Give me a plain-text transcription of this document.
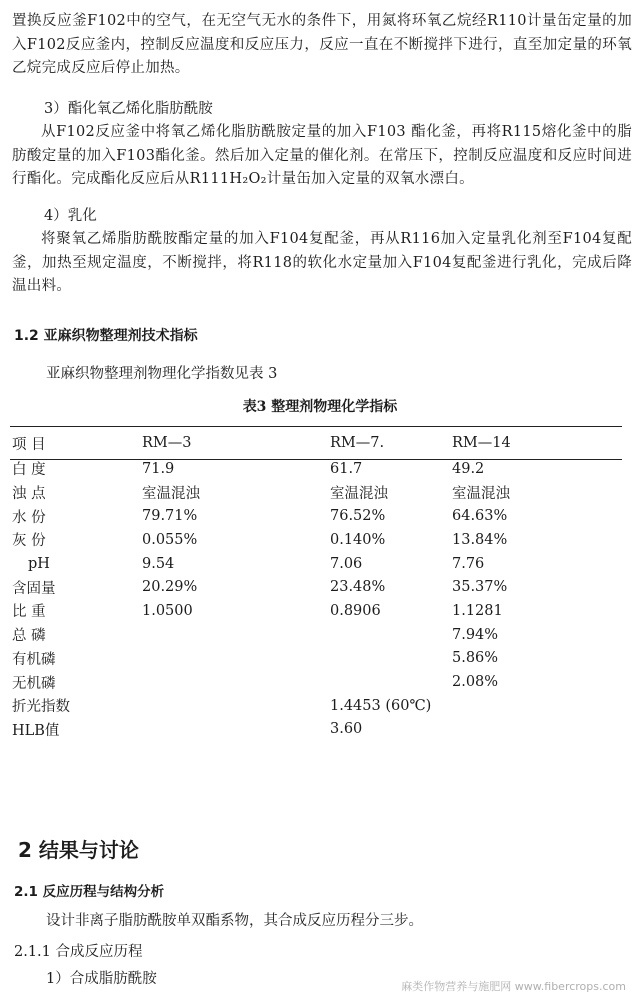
置换反应釜F102中的空气，在无空气无水的条件下，用氮将环氧乙烷经R110计量缶定量的加入F102反应釜内，控制反应温度和反应压力，反应一直在不断搅拌下进行，直至加定量的环氧乙烷完成反应后停止加热。

3）酯化氧乙烯化脂肪酰胺

从F102反应釜中将氧乙烯化脂肪酰胺定量的加入F103 酯化釜，再将R115熔化釜中的脂肪酸定量的加入F103酯化釜。然后加入定量的催化剂。在常压下，控制反应温度和反应时间进行酯化。完成酯化反应后从R111H₂O₂计量缶加入定量的双氧水漂白。

4）乳化

将聚氧乙烯脂肪酰胺酯定量的加入F104复配釜，再从R116加入定量乳化剂至F104复配釜，加热至规定温度，不断搅拌，将R118的软化水定量加入F104复配釜进行乳化，完成后降温出料。

1.2 亚麻织物整理剂技术指标
亚麻织物整理剂物理化学指数见表 3
表3 整理剂物理化学指标
项 目	RM—3	RM—7.	RM—14
白 度	71.9	61.7	49.2
浊 点	室温混浊	室温混浊	室温混浊
水 份	79.71%	76.52%	64.63%
灰 份	0.055%	0.140%	13.84%
pH	9.54	7.06	7.76
含固量	20.29%	23.48%	35.37%
比 重	1.0500	0.8906	1.1281
总 磷			7.94%
有机磷			5.86%
无机磷			2.08%
折光指数		1.4453 (60℃)	
HLB值		3.60	
2 结果与讨论
2.1 反应历程与结构分析
设计非离子脂肪酰胺单双酯系物，其合成反应历程分三步。
2.1.1 合成反应历程
1）合成脂肪酰胺	麻类作物营养与施肥网 www.fibercrops.com
